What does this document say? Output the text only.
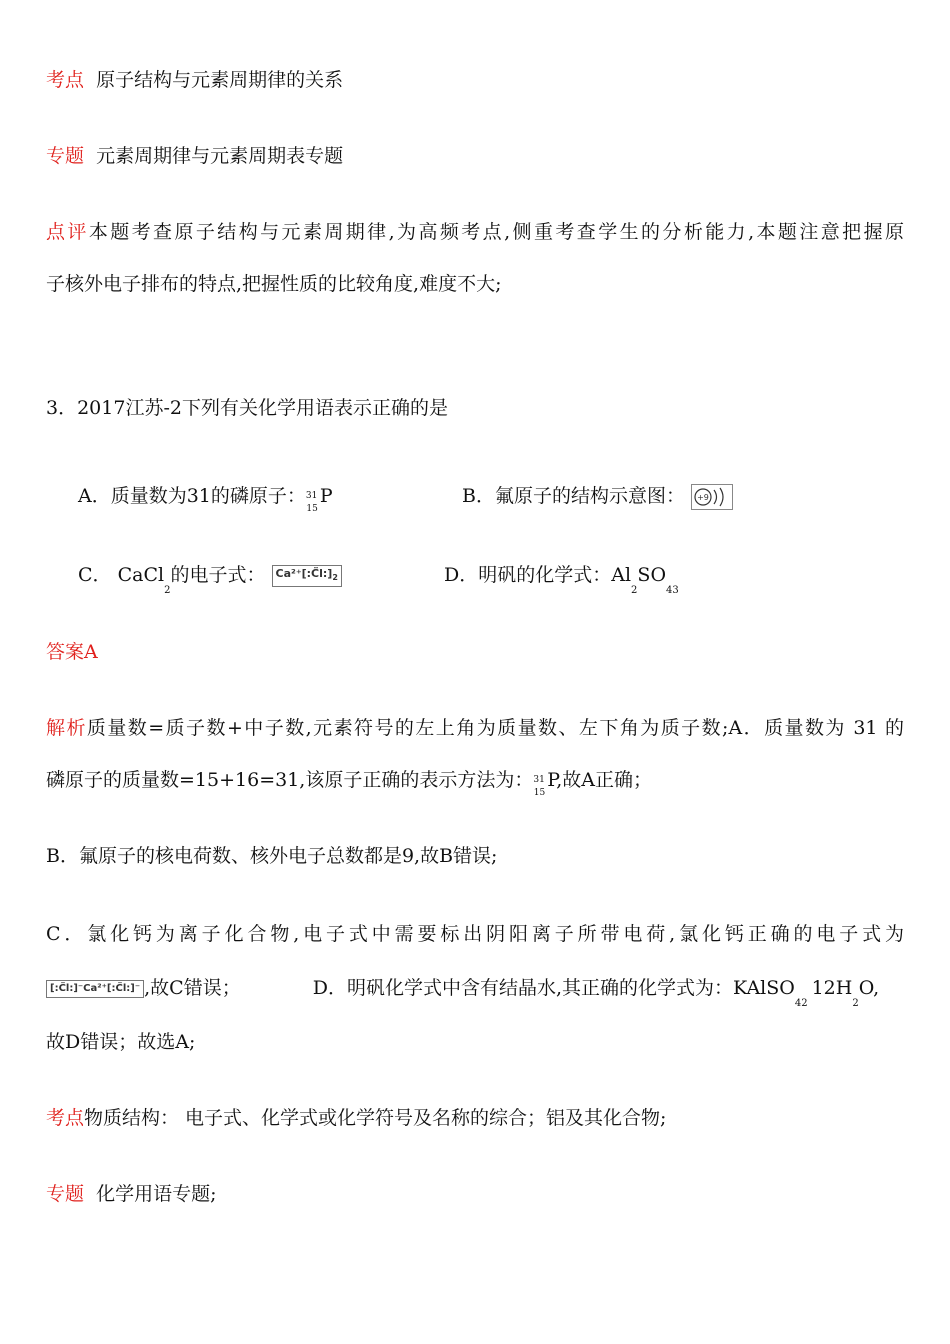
考点 原子结构与元素周期律的关系
专题 元素周期律与元素周期表专题
点评本题考查原子结构与元素周期律,为高频考点,侧重考查学生的分析能力,本题注意把握原
子核外电子排布的特点,把握性质的比较角度,难度不大;
3．2017江苏-2下列有关化学用语表示正确的是
A．质量数为31的磷原子：$^{31}_{15}$P	B．氟原子的结构示意图： +9
C． CaCl$_2$的电子式： $Ca^{2+}[:C̈l:]_2$	D．明矾的化学式：$Al_2SO_{43}$
答案A
解析质量数=质子数+中子数,元素符号的左上角为质量数、左下角为质子数;A．质量数为 31 的
磷原子的质量数=15+16=31,该原子正确的表示方法为：$^{31}_{15}$P,故A正确；
B．氟原子的核电荷数、核外电子总数都是9,故B错误;
C．氯化钙为离子化合物,电子式中需要标出阴阳离子所带电荷,氯化钙正确的电子式为
[:C̈l:]⁻Ca²⁺[:C̈l:]⁻ ,故C错误；	D．明矾化学式中含有结晶水,其正确的化学式为：$KAlSO_{42}12H_2O$,
故D错误；故选A;
考点物质结构： 电子式、化学式或化学符号及名称的综合；铝及其化合物;
专题 化学用语专题;
